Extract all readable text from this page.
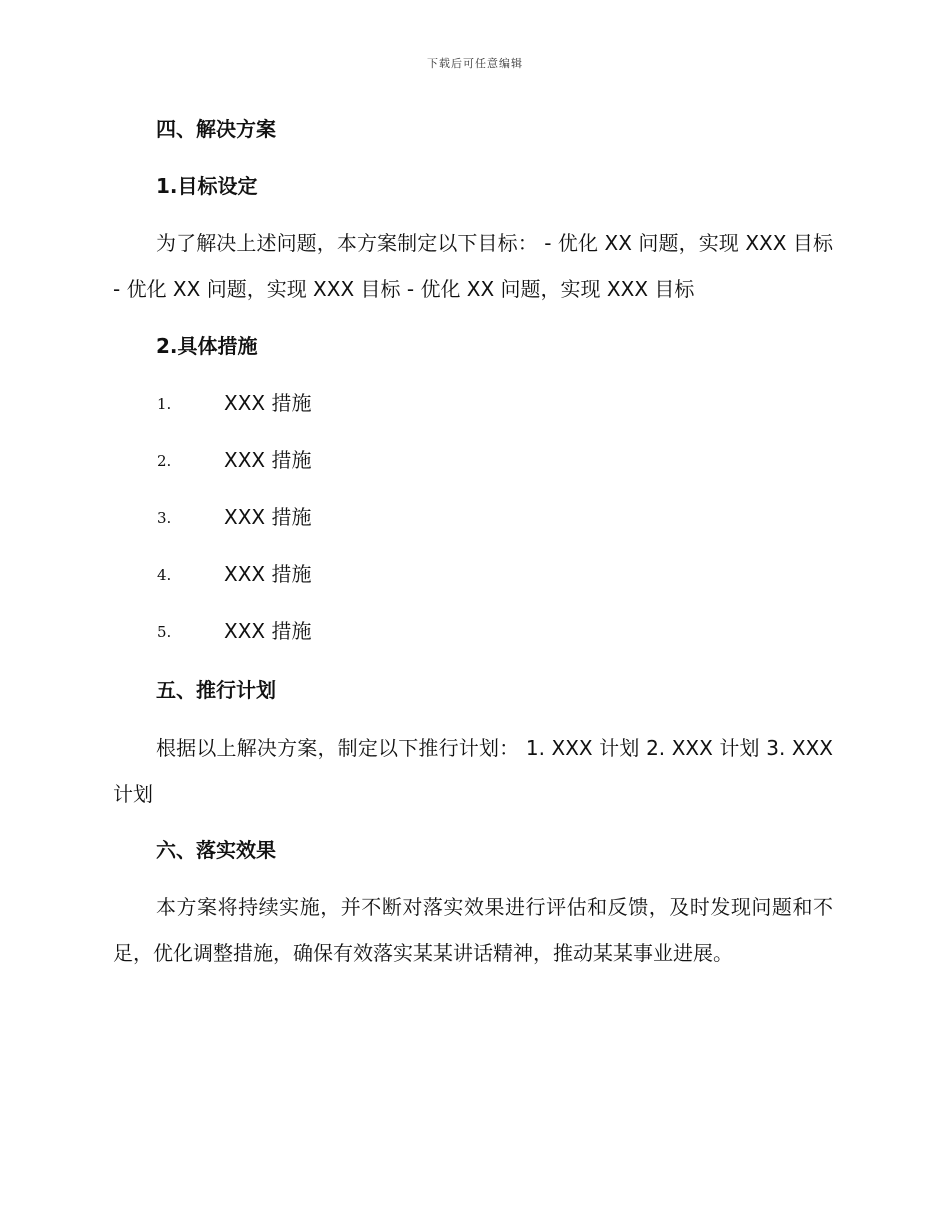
下载后可任意编辑
四、解决方案
1.目标设定
为了解决上述问题，本方案制定以下目标： - 优化 XX 问题，实现 XXX 目标 - 优化 XX 问题，实现 XXX 目标 - 优化 XX 问题，实现 XXX 目标
2.具体措施
1.	XXX 措施
2.	XXX 措施
3.	XXX 措施
4.	XXX 措施
5.	XXX 措施
五、推行计划
根据以上解决方案，制定以下推行计划： 1. XXX 计划 2. XXX 计划 3. XXX 计划
六、落实效果
本方案将持续实施，并不断对落实效果进行评估和反馈，及时发现问题和不足，优化调整措施，确保有效落实某某讲话精神，推动某某事业进展。
